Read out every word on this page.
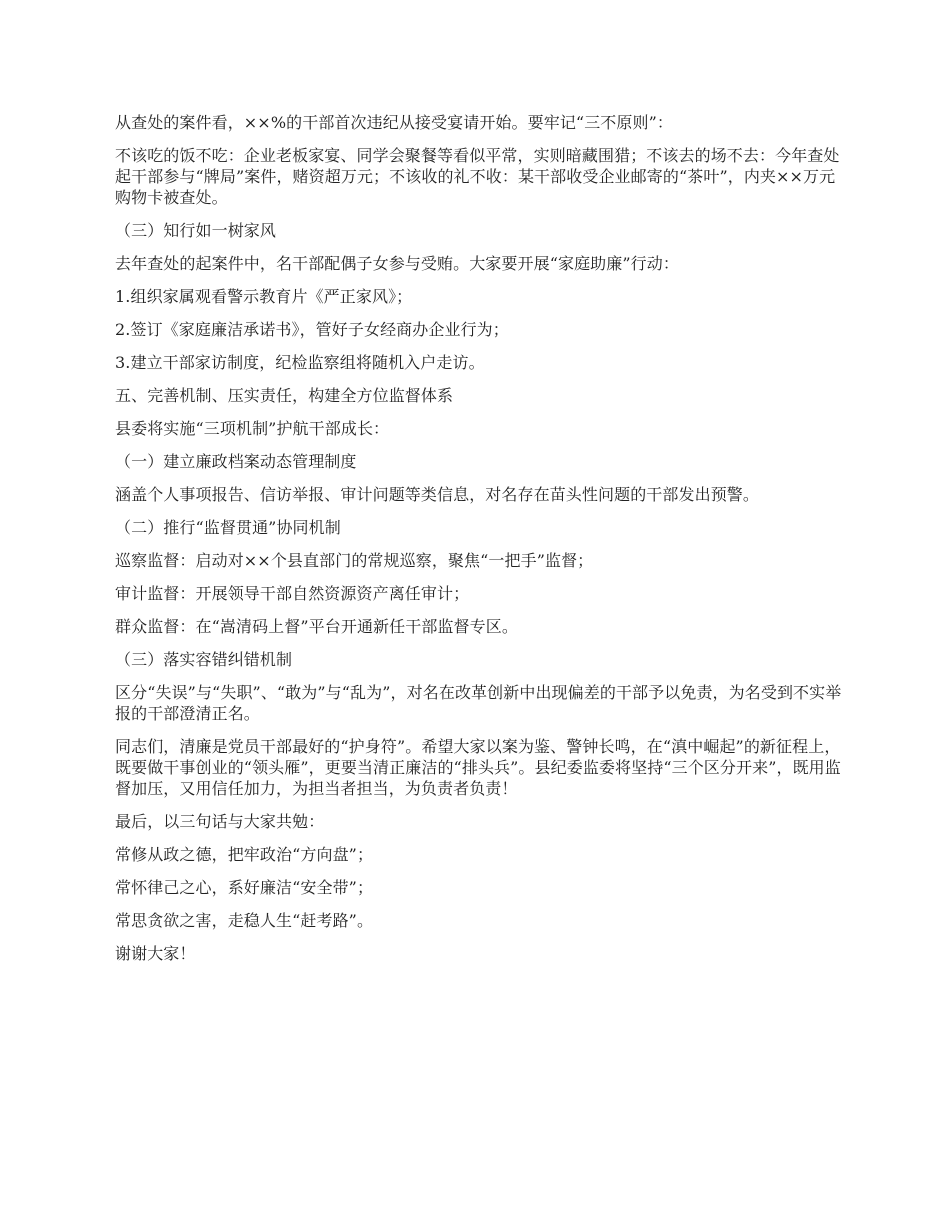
从查处的案件看，××%的干部首次违纪从接受宴请开始。要牢记“三不原则”：

不该吃的饭不吃：企业老板家宴、同学会聚餐等看似平常，实则暗藏围猎；不该去的场不去：今年查处起干部参与“牌局”案件，赌资超万元；不该收的礼不收：某干部收受企业邮寄的“茶叶”，内夹××万元购物卡被查处。

（三）知行如一树家风

去年查处的起案件中，名干部配偶子女参与受贿。大家要开展“家庭助廉”行动：

1.组织家属观看警示教育片《严正家风》；

2.签订《家庭廉洁承诺书》，管好子女经商办企业行为；

3.建立干部家访制度，纪检监察组将随机入户走访。

五、完善机制、压实责任，构建全方位监督体系

县委将实施“三项机制”护航干部成长：

（一）建立廉政档案动态管理制度

涵盖个人事项报告、信访举报、审计问题等类信息，对名存在苗头性问题的干部发出预警。

（二）推行“监督贯通”协同机制

巡察监督：启动对××个县直部门的常规巡察，聚焦“一把手”监督；

审计监督：开展领导干部自然资源资产离任审计；

群众监督：在“嵩清码上督”平台开通新任干部监督专区。

（三）落实容错纠错机制

区分“失误”与“失职”、“敢为”与“乱为”，对名在改革创新中出现偏差的干部予以免责，为名受到不实举报的干部澄清正名。

同志们，清廉是党员干部最好的“护身符”。希望大家以案为鉴、警钟长鸣，在“滇中崛起”的新征程上，既要做干事创业的“领头雁”，更要当清正廉洁的“排头兵”。县纪委监委将坚持“三个区分开来”，既用监督加压，又用信任加力，为担当者担当，为负责者负责！

最后，以三句话与大家共勉：

常修从政之德，把牢政治“方向盘”；

常怀律己之心，系好廉洁“安全带”；

常思贪欲之害，走稳人生“赶考路”。

谢谢大家！
